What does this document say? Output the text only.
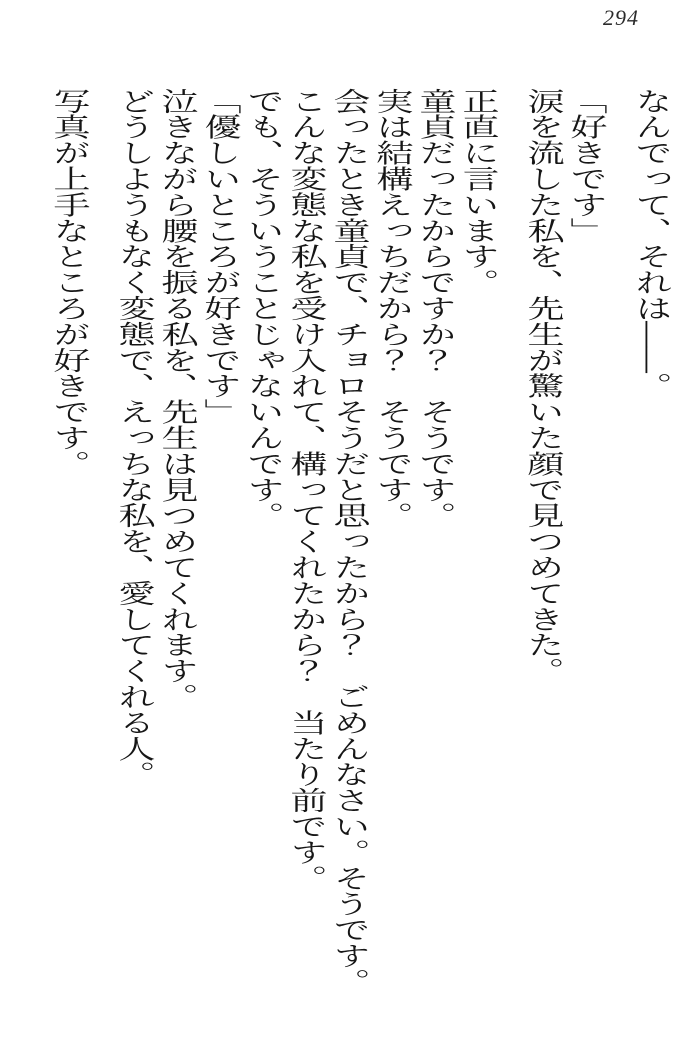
294

なんでって、それは――。

「好きです」

涙を流した私を、先生が驚いた顔で見つめてきた。

正直に言います。

童貞だったからですか？　そうです。

実は結構えっちだから？　そうです。

会ったとき童貞で、チョロそうだと思ったから？　ごめんなさい。そうです。

こんな変態な私を受け入れて、構ってくれたから？　当たり前です。

でも、そういうことじゃないんです。

「優しいところが好きです」

泣きながら腰を振る私を、先生は見つめてくれます。

どうしようもなく変態で、えっちな私を、愛してくれる人。

写真が上手なところが好きです。
